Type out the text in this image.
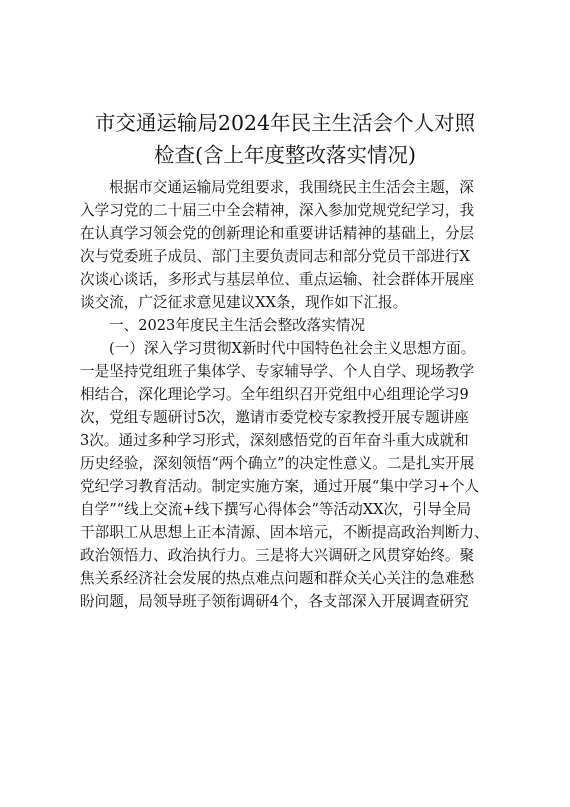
市交通运输局2024年民主生活会个人对照
检查(含上年度整改落实情况)
根据市交通运输局党组要求，我围绕民主生活会主题，深
入学习党的二十届三中全会精神，深入参加党规党纪学习，我
在认真学习领会党的创新理论和重要讲话精神的基础上，分层
次与党委班子成员、部门主要负责同志和部分党员干部进行X
次谈心谈话，多形式与基层单位、重点运输、社会群体开展座
谈交流，广泛征求意见建议XX条，现作如下汇报。
一、2023年度民主生活会整改落实情况
(一）深入学习贯彻X新时代中国特色社会主义思想方面。
一是坚持党组班子集体学、专家辅导学、个人自学、现场教学
相结合，深化理论学习。全年组织召开党组中心组理论学习9
次，党组专题研讨5次，邀请市委党校专家教授开展专题讲座
3次。通过多种学习形式，深刻感悟党的百年奋斗重大成就和
历史经验，深刻领悟“两个确立”的决定性意义。二是扎实开展
党纪学习教育活动。制定实施方案，通过开展“集中学习+个人
自学”“线上交流+线下撰写心得体会”等活动XX次，引导全局
干部职工从思想上正本清源、固本培元，不断提高政治判断力、
政治领悟力、政治执行力。三是将大兴调研之风贯穿始终。聚
焦关系经济社会发展的热点难点问题和群众关心关注的急难愁
盼问题，局领导班子领衔调研4个，各支部深入开展调查研究
